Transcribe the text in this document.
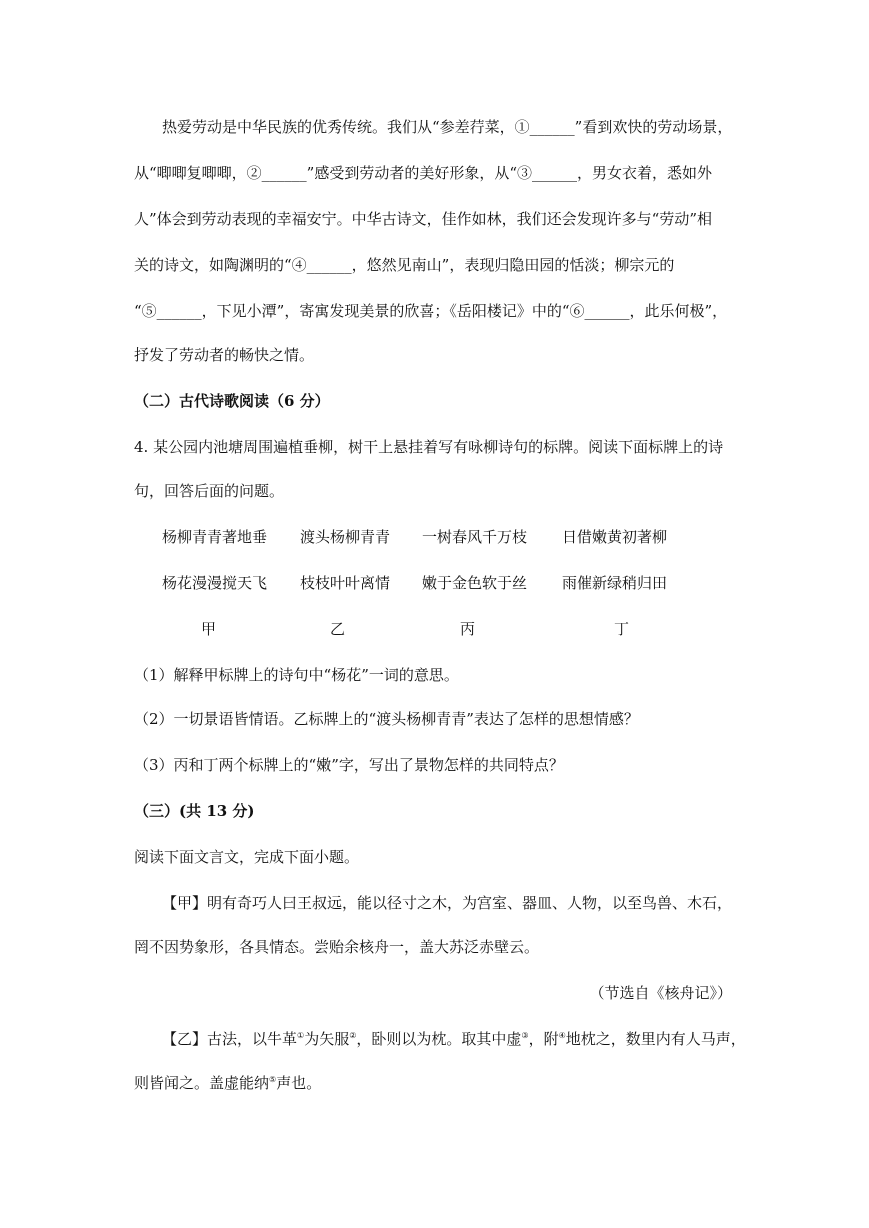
热爱劳动是中华民族的优秀传统。我们从“参差荇菜，①______”看到欢快的劳动场景，
从“唧唧复唧唧，②______”感受到劳动者的美好形象，从“③______，男女衣着，悉如外
人”体会到劳动表现的幸福安宁。中华古诗文，佳作如林，我们还会发现许多与“劳动”相
关的诗文，如陶渊明的“④______，悠然见南山”，表现归隐田园的恬淡；柳宗元的
“⑤______，下见小潭”，寄寓发现美景的欣喜；《岳阳楼记》中的“⑥______，此乐何极”，
抒发了劳动者的畅快之情。
（二）古代诗歌阅读（6 分）
4. 某公园内池塘周围遍植垂柳，树干上悬挂着写有咏柳诗句的标牌。阅读下面标牌上的诗
句，回答后面的问题。
杨柳青青著地垂 渡头杨柳青青 一树春风千万枝 日借嫩黄初著柳
杨花漫漫搅天飞 枝枝叶叶离情 嫩于金色软于丝 雨催新绿稍归田
甲	乙	丙	丁
（1）解释甲标牌上的诗句中“杨花”一词的意思。
（2）一切景语皆情语。乙标牌上的“渡头杨柳青青”表达了怎样的思想情感？
（3）丙和丁两个标牌上的“嫩”字，写出了景物怎样的共同特点？
（三）(共 13 分)
阅读下面文言文，完成下面小题。
【甲】明有奇巧人曰王叔远，能以径寸之木，为宫室、器皿、人物，以至鸟兽、木石，
罔不因势象形，各具情态。尝贻余核舟一，盖大苏泛赤壁云。
（节选自《核舟记》）
【乙】古法，以牛革①为矢服②，卧则以为枕。取其中虚③，附④地枕之，数里内有人马声，
则皆闻之。盖虚能纳⑤声也。
